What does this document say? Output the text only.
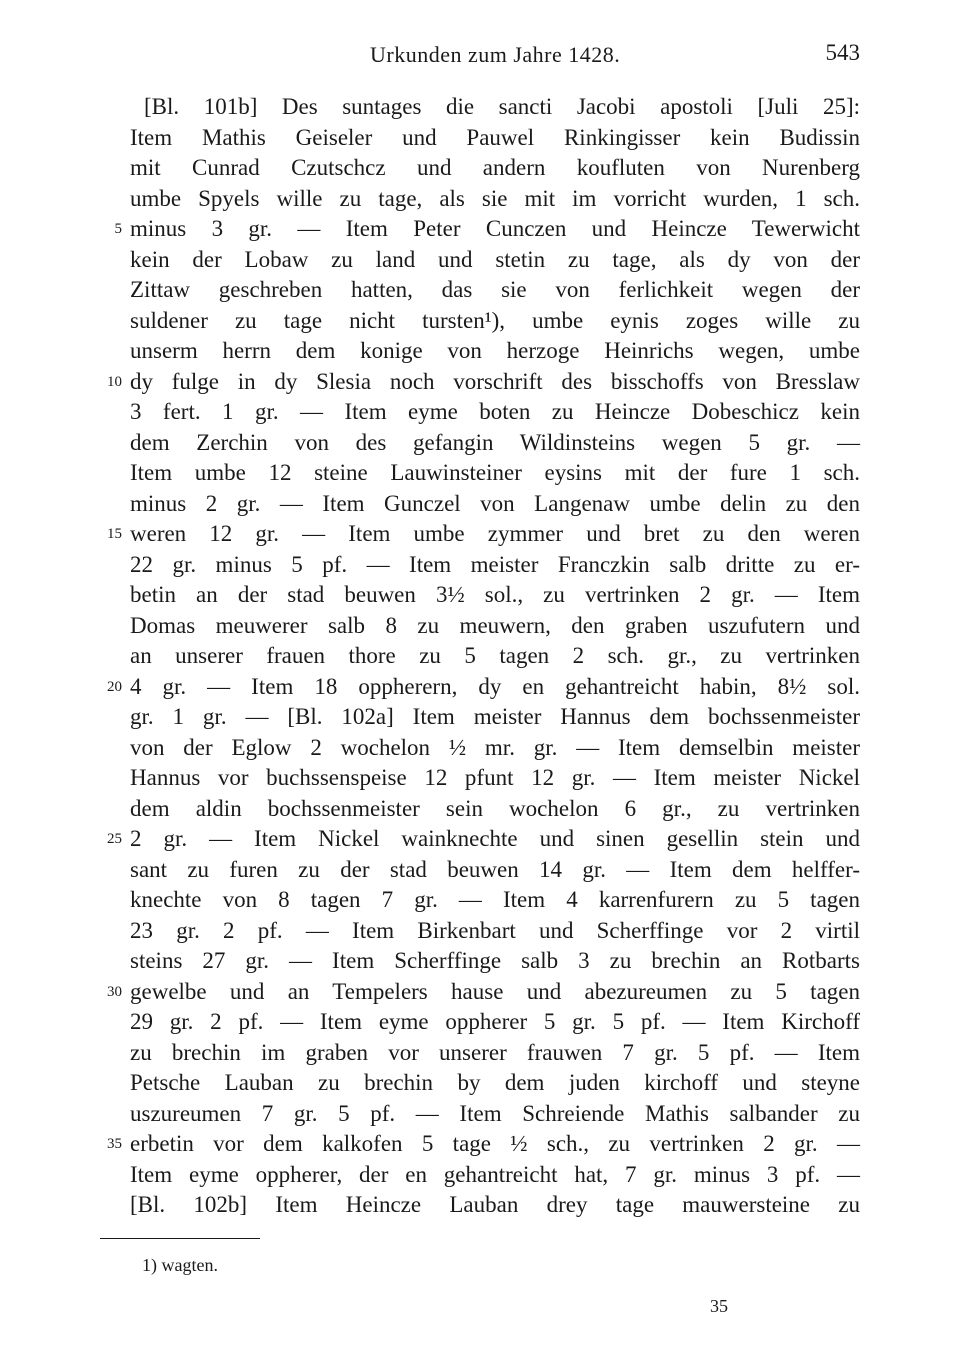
Urkunden zum Jahre 1428.	543
[Bl. 101b] Des suntages die sancti Jacobi apostoli [Juli 25]:
Item Mathis Geiseler und Pauwel Rinkingisser kein Budissin
mit Cunrad Czutschcz und andern koufluten von Nurenberg
umbe Spyels wille zu tage, als sie mit im vorricht wurden, 1 sch.
5 minus 3 gr. — Item Peter Cunczen und Heincze Tewerwicht
kein der Lobaw zu land und stetin zu tage, als dy von der
Zittaw geschreben hatten, das sie von ferlichkeit wegen der
suldener zu tage nicht tursten¹), umbe eynis zoges wille zu
unserm herrn dem konige von herzoge Heinrichs wegen, umbe
10 dy fulge in dy Slesia noch vorschrift des bisschoffs von Bresslaw
3 fert. 1 gr. — Item eyme boten zu Heincze Dobeschicz kein
dem Zerchin von des gefangin Wildinsteins wegen 5 gr. —
Item umbe 12 steine Lauwinsteiner eysins mit der fure 1 sch.
minus 2 gr. — Item Gunczel von Langenaw umbe delin zu den
15 weren 12 gr. — Item umbe zymmer und bret zu den weren
22 gr. minus 5 pf. — Item meister Franczkin salb dritte zu er-
betin an der stad beuwen 3½ sol., zu vertrinken 2 gr. — Item
Domas meuwerer salb 8 zu meuwern, den graben uszufutern und
an unserer frauen thore zu 5 tagen 2 sch. gr., zu vertrinken
20 4 gr. — Item 18 oppherern, dy en gehantreicht habin, 8½ sol.
gr. 1 gr. — [Bl. 102a] Item meister Hannus dem bochssenmeister
von der Eglow 2 wochelon ½ mr. gr. — Item demselbin meister
Hannus vor buchssenspeise 12 pfunt 12 gr. — Item meister Nickel
dem aldin bochssenmeister sein wochelon 6 gr., zu vertrinken
25 2 gr. — Item Nickel wainknechte und sinen gesellin stein und
sant zu furen zu der stad beuwen 14 gr. — Item dem helffer-
knechte von 8 tagen 7 gr. — Item 4 karrenfurern zu 5 tagen
23 gr. 2 pf. — Item Birkenbart und Scherffinge vor 2 virtil
steins 27 gr. — Item Scherffinge salb 3 zu brechin an Rotbarts
30 gewelbe und an Tempelers hause und abezureumen zu 5 tagen
29 gr. 2 pf. — Item eyme oppherer 5 gr. 5 pf. — Item Kirchoff
zu brechin im graben vor unserer frauwen 7 gr. 5 pf. — Item
Petsche Lauban zu brechin by dem juden kirchoff und steyne
uszureumen 7 gr. 5 pf. — Item Schreiende Mathis salbander zu
35 erbetin vor dem kalkofen 5 tage ½ sch., zu vertrinken 2 gr. —
Item eyme oppherer, der en gehantreicht hat, 7 gr. minus 3 pf. —
[Bl. 102b] Item Heincze Lauban drey tage mauwersteine zu
1) wagten.
35
